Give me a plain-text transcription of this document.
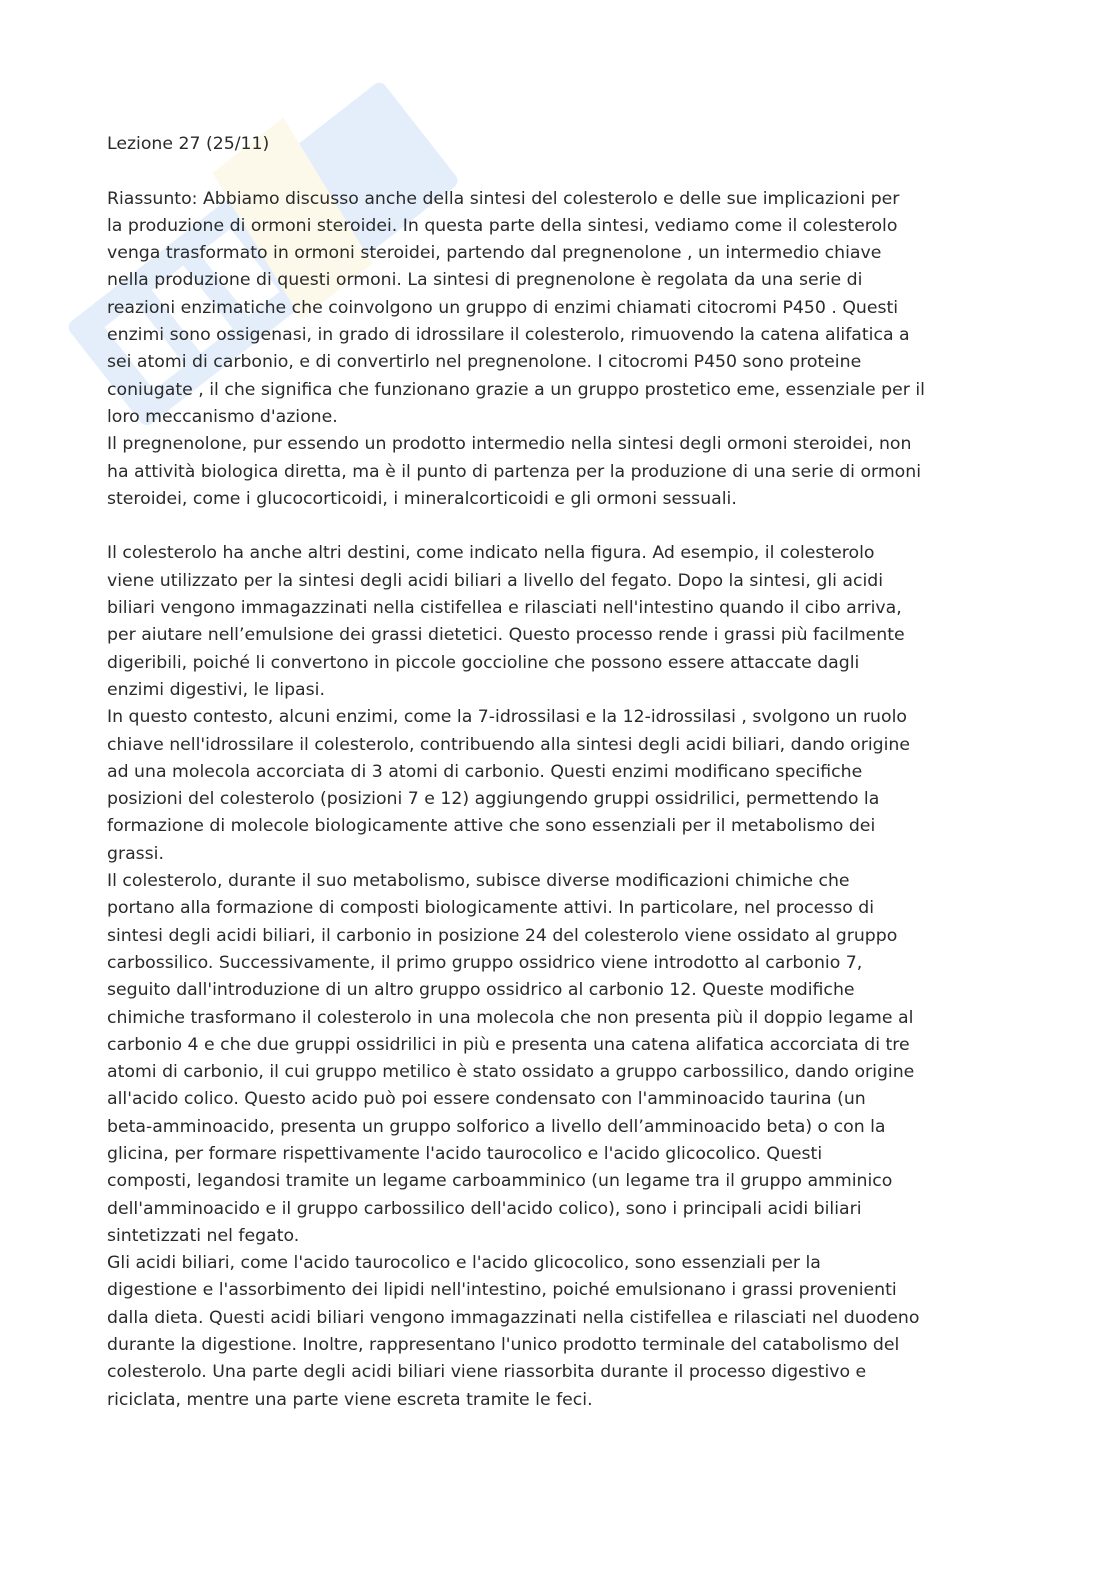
Lezione 27 (25/11)

Riassunto: Abbiamo discusso anche della sintesi del colesterolo e delle sue implicazioni per
la produzione di ormoni steroidei. In questa parte della sintesi, vediamo come il colesterolo
venga trasformato in ormoni steroidei, partendo dal pregnenolone , un intermedio chiave
nella produzione di questi ormoni. La sintesi di pregnenolone è regolata da una serie di
reazioni enzimatiche che coinvolgono un gruppo di enzimi chiamati citocromi P450 . Questi
enzimi sono ossigenasi, in grado di idrossilare il colesterolo, rimuovendo la catena alifatica a
sei atomi di carbonio, e di convertirlo nel pregnenolone. I citocromi P450 sono proteine
coniugate , il che significa che funzionano grazie a un gruppo prostetico eme, essenziale per il
loro meccanismo d'azione.

Il pregnenolone, pur essendo un prodotto intermedio nella sintesi degli ormoni steroidei, non
ha attività biologica diretta, ma è il punto di partenza per la produzione di una serie di ormoni
steroidei, come i glucocorticoidi, i mineralcorticoidi e gli ormoni sessuali.

Il colesterolo ha anche altri destini, come indicato nella figura. Ad esempio, il colesterolo
viene utilizzato per la sintesi degli acidi biliari a livello del fegato. Dopo la sintesi, gli acidi
biliari vengono immagazzinati nella cistifellea e rilasciati nell'intestino quando il cibo arriva,
per aiutare nell’emulsione dei grassi dietetici. Questo processo rende i grassi più facilmente
digeribili, poiché li convertono in piccole goccioline che possono essere attaccate dagli
enzimi digestivi, le lipasi.

In questo contesto, alcuni enzimi, come la 7-idrossilasi e la 12-idrossilasi , svolgono un ruolo
chiave nell'idrossilare il colesterolo, contribuendo alla sintesi degli acidi biliari, dando origine
ad una molecola accorciata di 3 atomi di carbonio. Questi enzimi modificano specifiche
posizioni del colesterolo (posizioni 7 e 12) aggiungendo gruppi ossidrilici, permettendo la
formazione di molecole biologicamente attive che sono essenziali per il metabolismo dei
grassi.

Il colesterolo, durante il suo metabolismo, subisce diverse modificazioni chimiche che
portano alla formazione di composti biologicamente attivi. In particolare, nel processo di
sintesi degli acidi biliari, il carbonio in posizione 24 del colesterolo viene ossidato al gruppo
carbossilico. Successivamente, il primo gruppo ossidrico viene introdotto al carbonio 7,
seguito dall'introduzione di un altro gruppo ossidrico al carbonio 12. Queste modifiche
chimiche trasformano il colesterolo in una molecola che non presenta più il doppio legame al
carbonio 4 e che due gruppi ossidrilici in più e presenta una catena alifatica accorciata di tre
atomi di carbonio, il cui gruppo metilico è stato ossidato a gruppo carbossilico, dando origine
all'acido colico. Questo acido può poi essere condensato con l'amminoacido taurina (un
beta-amminoacido, presenta un gruppo solforico a livello dell’amminoacido beta) o con la
glicina, per formare rispettivamente l'acido taurocolico e l'acido glicocolico. Questi
composti, legandosi tramite un legame carboamminico (un legame tra il gruppo amminico
dell'amminoacido e il gruppo carbossilico dell'acido colico), sono i principali acidi biliari
sintetizzati nel fegato.

Gli acidi biliari, come l'acido taurocolico e l'acido glicocolico, sono essenziali per la
digestione e l'assorbimento dei lipidi nell'intestino, poiché emulsionano i grassi provenienti
dalla dieta. Questi acidi biliari vengono immagazzinati nella cistifellea e rilasciati nel duodeno
durante la digestione. Inoltre, rappresentano l'unico prodotto terminale del catabolismo del
colesterolo. Una parte degli acidi biliari viene riassorbita durante il processo digestivo e
riciclata, mentre una parte viene escreta tramite le feci.
